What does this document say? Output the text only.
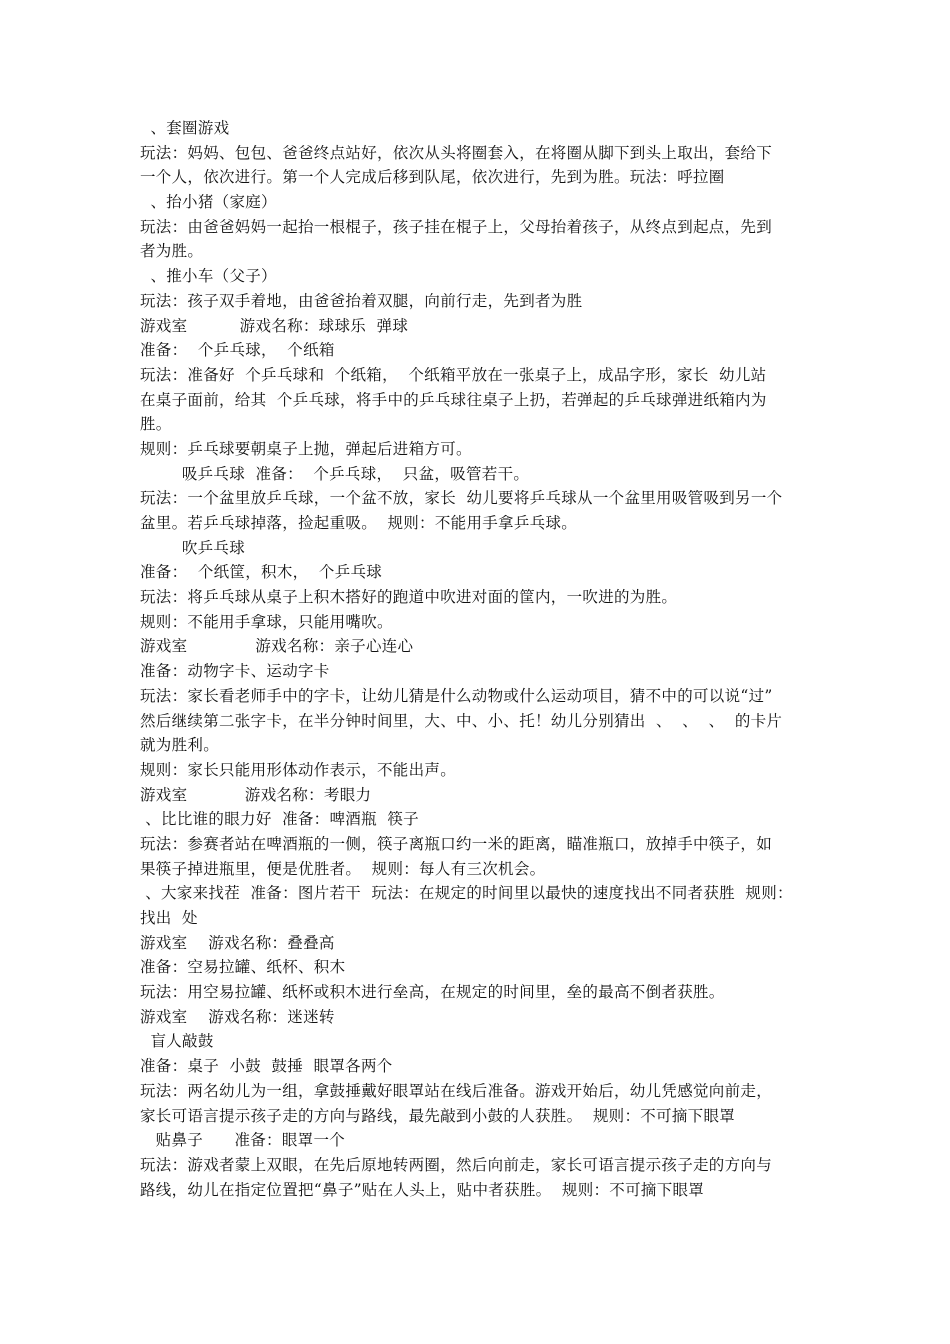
、套圈游戏
玩法：妈妈、包包、爸爸终点站好，依次从头将圈套入，在将圈从脚下到头上取出，套给下
一个人，依次进行。第一个人完成后移到队尾，依次进行，先到为胜。玩法：呼拉圈
、抬小猪（家庭）
玩法：由爸爸妈妈一起抬一根棍子，孩子挂在棍子上，父母抬着孩子，从终点到起点，先到
者为胜。
、推小车（父子）
玩法：孩子双手着地，由爸爸抬着双腿，向前行走，先到者为胜
游戏室          游戏名称：球球乐  弹球
准备：  个乒乓球，  个纸箱
玩法：准备好  个乒乓球和  个纸箱，  个纸箱平放在一张桌子上，成品字形，家长  幼儿站
在桌子面前，给其  个乒乓球，将手中的乒乓球往桌子上扔，若弹起的乒乓球弹进纸箱内为
胜。
规则：乒乓球要朝桌子上抛，弹起后进箱方可。
吸乒乓球  准备：  个乒乓球，  只盆，吸管若干。
玩法：一个盆里放乒乓球，一个盆不放，家长  幼儿要将乒乓球从一个盆里用吸管吸到另一个
盆里。若乒乓球掉落，捡起重吸。  规则：不能用手拿乒乓球。
吹乒乓球
准备：  个纸筐，积木，  个乒乓球
玩法：将乒乓球从桌子上积木搭好的跑道中吹进对面的筐内，一吹进的为胜。
规则：不能用手拿球，只能用嘴吹。
游戏室             游戏名称：亲子心连心
准备：动物字卡、运动字卡
玩法：家长看老师手中的字卡，让幼儿猜是什么动物或什么运动项目，猜不中的可以说“过”
然后继续第二张字卡，在半分钟时间里，大、中、小、托！幼儿分别猜出  、  、  、  的卡片
就为胜利。
规则：家长只能用形体动作表示，不能出声。
游戏室           游戏名称：考眼力
、比比谁的眼力好  准备：啤酒瓶  筷子
玩法：参赛者站在啤酒瓶的一侧，筷子离瓶口约一米的距离，瞄准瓶口，放掉手中筷子，如
果筷子掉进瓶里，便是优胜者。  规则：每人有三次机会。
、大家来找茬  准备：图片若干  玩法：在规定的时间里以最快的速度找出不同者获胜  规则：
找出  处
游戏室    游戏名称：叠叠高
准备：空易拉罐、纸杯、积木
玩法：用空易拉罐、纸杯或积木进行垒高，在规定的时间里，垒的最高不倒者获胜。
游戏室    游戏名称：迷迷转
盲人敲鼓
准备：桌子  小鼓  鼓捶  眼罩各两个
玩法：两名幼儿为一组，拿鼓捶戴好眼罩站在线后准备。游戏开始后，幼儿凭感觉向前走，
家长可语言提示孩子走的方向与路线，最先敲到小鼓的人获胜。  规则：不可摘下眼罩
贴鼻子      准备：眼罩一个
玩法：游戏者蒙上双眼，在先后原地转两圈，然后向前走，家长可语言提示孩子走的方向与
路线，幼儿在指定位置把“鼻子”贴在人头上，贴中者获胜。  规则：不可摘下眼罩
